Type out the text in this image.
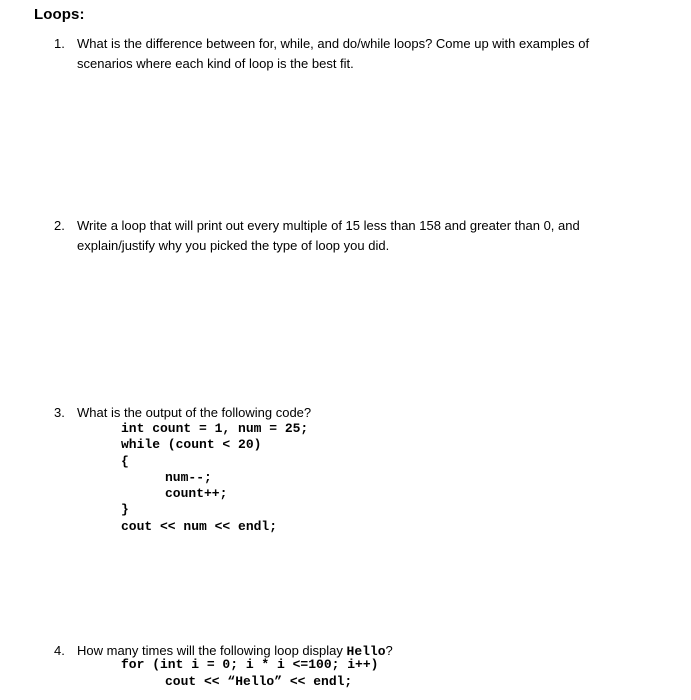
Loops:
1. What is the difference between for, while, and do/while loops? Come up with examples of
scenarios where each kind of loop is the best fit.
2. Write a loop that will print out every multiple of 15 less than 158 and greater than 0, and
explain/justify why you picked the type of loop you did.
3. What is the output of the following code?
int count = 1, num = 25;
while (count < 20)
{
num--;
count++;
}
cout << num << endl;
4. How many times will the following loop display Hello?
for (int i = 0; i * i <=100; i++)
cout << “Hello” << endl;
